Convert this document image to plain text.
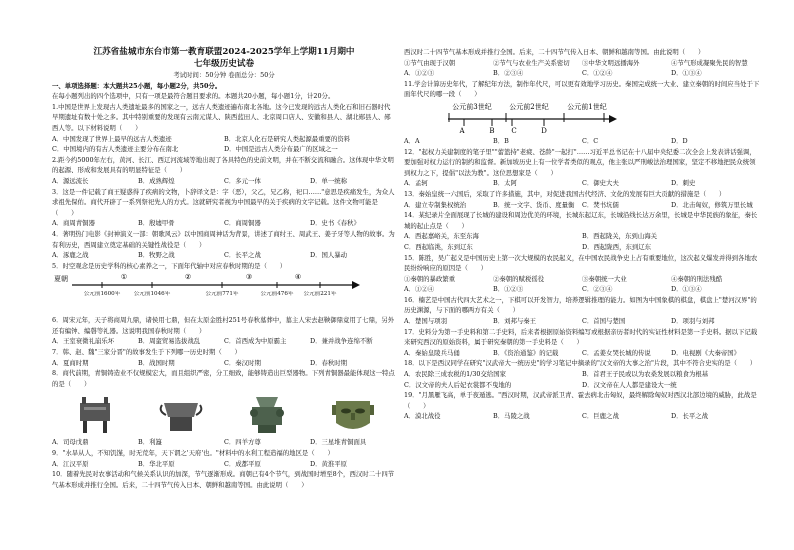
江苏省盐城市东台市第一教育联盟2024-2025学年上学期11月期中
七年级历史试卷
考试时间：50分钟 卷面总分：50分

一、单项选择题：本大题共25小题，每小题2分，共50分。

在每小题列出的四个选项中，只有一项是最符合题目要求的。本题共20小题，每小题1分，计20分。

1.中国是世界上发现古人类遗址最多的国家之一，远古人类遗迹遍布南北各地。这今已发现的远古人类化石和旧石器时代早期遗址有数十处之多。其中特别重要的发现有云南元谋人、陕西蓝田人、北京周口店人、安徽和县人、湖北郧县人、郧西人等。以下材料说明（　　）

A．中国发现了世界上最早的远古人类遗迹	B．北京人化石是研究人类起源最重要的资料
C．中国境内的有古人类遗迹主要分布在南北	D．中国是远古人类分布最广的区域之一

2.距今约5000年左右，黄河、长江、西辽河流域等地出现了各具特色的史前文明，并在不断交流和融合。这体现中华文明的起源、形成和发展具有的明显特征是（　　）

A．源远流长	B．成熟辉煌	C．多元一体	D．单一统称

3．这是一件记载了商王疑惑得了疾病的文物，卜辞译文是：字（恶），父乙，兄乙称，祀口……"意思是疾痛发生，为众人求祖先保佑。商代开辟了一系列祭祀先人的方式。这就研究者视为中国最早的关于疾病的文字记载。这件文物可能是（　　）

A．商周青铜器	B．殷墟甲骨	C．商周铜器	D．史书《春秋》

4．著明热门电影《封神演义一部：朝歌风云》以中国商周神话为背景，讲述了商纣王、周武王、姜子牙等人物的故事。为有利历史，西周建立奠定基础的关键性战役是（　　）

A．涿鹿之战	B．牧野之战	C．长平之战	D．国人暴动

5．时空观念是历史学科的核心素养之一，下面年代轴中对应春秋时期的是（　　）

夏朝	①	②	③	④
公元前1600年	公元前1046年	公元前771年	公元前476年	公元前221年

6．周宋元年，天子将商周九鼎，诸侯用七鼎，但在太原金胜村251号春秋墓葬中，墓主人宋去赵鞅御鼎竟用了七鼎，另外还有编钟、编磬等礼器。这说明我国春秋时期（　　）

A．王室衰微礼崩乐坏	B．周蛮贸易选拔战乱	C．首西成为中原霸主	D．兼并战争连绵不断

7．韩、赵、魏"三家分晋"的故事发生于下列哪一历史时期（　　）

A．夏商时期	B．战国时期	C．秦汉时期	D．春秋时期

8．商代前期，青铜铸造业不仅规模宏大，而且组织严密，分工细致，能够铸造出巨型器物。下列青铜器最能体现这一特点的是（　　）

A．司母戊鼎	B．利簋	C．四羊方尊	D．三星堆青铜面具

9．"水旱从人，不知饥馑，时无荒年，天下谓之'天府'也。"材料中的水利工程造福的地区是（　　）

A．江汉平原	B．华北平原	C．成都平原	D．黄淮平原

10．随着先民对农事活动和气候关系认识的加深，节气逐渐形成。商朝已有4个节气，到战国时增至8个，西汉时二十四节气基本形成并推行全国。后来，二十四节气传入日本、朝鲜和越南等国。由此说明（　　）

西汉时二十四节气基本形成并推行全国。后来，二十四节气传入日本、朝鲜和越南等国。由此说明（　　）

①节气由现于汉朝	②节气与农业生产关系密切	③中华文明远播海外	④节气形成凝聚先民的智慧
A．①②③	B．②③④	C．①②④	D．①③④

11.学会计算历史年代，了解纪年方法，制作年代尺，可以更有效地学习历史。秦国完成统一大业、建立秦朝的时间应当处于下面年代尺的哪一段（　　）

公元前3世纪	公元前2世纪	公元前1世纪
A	B C	D
A．A	B．B	C．C	D．D

12．"起权力关建制度的笔子里""蕾篮持"老疲、苍龄"一起打"……习近平总书记在十八届中央纪委二次全会上发表讲话强调，要加强对权力运行的制约和监督。新加坡历史上有一位学者类似的观点，他主张以严刑峻法治理国家，坚定不移地把民众统领到权力之下，提倡"以法为教"。这位思想家是（　　）

A．孟轲	B．太阿	C．御史大夫	D．刺史

13．秦始皇统一六国后，采取了许多措施，其中，对促进我国古代经济、文化的发展有巨大贡献的措施是（　　）

A．建立专制集权统治	B．统一文字、货币、度量衡	C．焚书坑儒	D．北击匈奴，修筑万里长城

14．某纪录片全面展现了长城的建设和周边优美的环境，长城东起辽东，长城沿线长达万余里，长城是中华民族的象征，秦长城的起止点是（　　）

A．西起嘉峪关，东至东海	B．西起陇关，东到山海关
C．西起临洮，东到辽东	D．西起陇西，东到辽东

15．陈胜，吴广起义是中国历史上第一次大规模的农民起义，在中国农民战争史上占有重要地位，这次起义爆发并得到各地农民纷纷响应的原因是（　　）

①秦朝的暴政繁重	②秦朝的赋税徭役	③秦朝统一大业	④秦朝的刑法残酷
A．①②④	B．①②③	C．②③④	D．①③④

16．楠艺是中国古代四大艺术之一，下棋可以开发智力，培养逻辑推理的能力。如图为中国象棋的棋盘，棋盘上"楚河汉界"的历史渊源，与下面的哪两方有关（　　）

A．楚国与项羽	B．刘邦与秦王	C．首国与楚国	D．项羽与刘邦

17．史料分为第一手史料和第二手史料，后来者根据原始资料编写或根据亲历者时代的实证性材料是第一手史料。据以下记载来研究西汉的原始资料，属于研究秦朝的第一手史料是（　　）

A．秦始皇陵兵马俑	B．《资治通鉴》的记载	C．孟姜女哭长城的传说	D．电视剧《大秦帝国》

18．以下是西汉同学在研究"汉武帝大一统历史"的学习笔记中摘录的"汉文帝的大事之治"片段，其中不符合史实的是（　　）

A．农民除三成农税的1/30交给国家	B．首君王子民或以为农桑发展以粮食为根基
C．汉文帝的夫人后妃衣裳都不曳地的	D．汉文帝在人人都是建设大一统

19．"月黑雁飞高，单于夜遁逃。"西汉时期，汉武帝派卫青、霍去病北击匈奴，最终解除匈奴对西汉北部边境的威胁，此战是（　　）

A．漠北战役	B．马陵之战	C．巨鹿之战	D．长平之战
